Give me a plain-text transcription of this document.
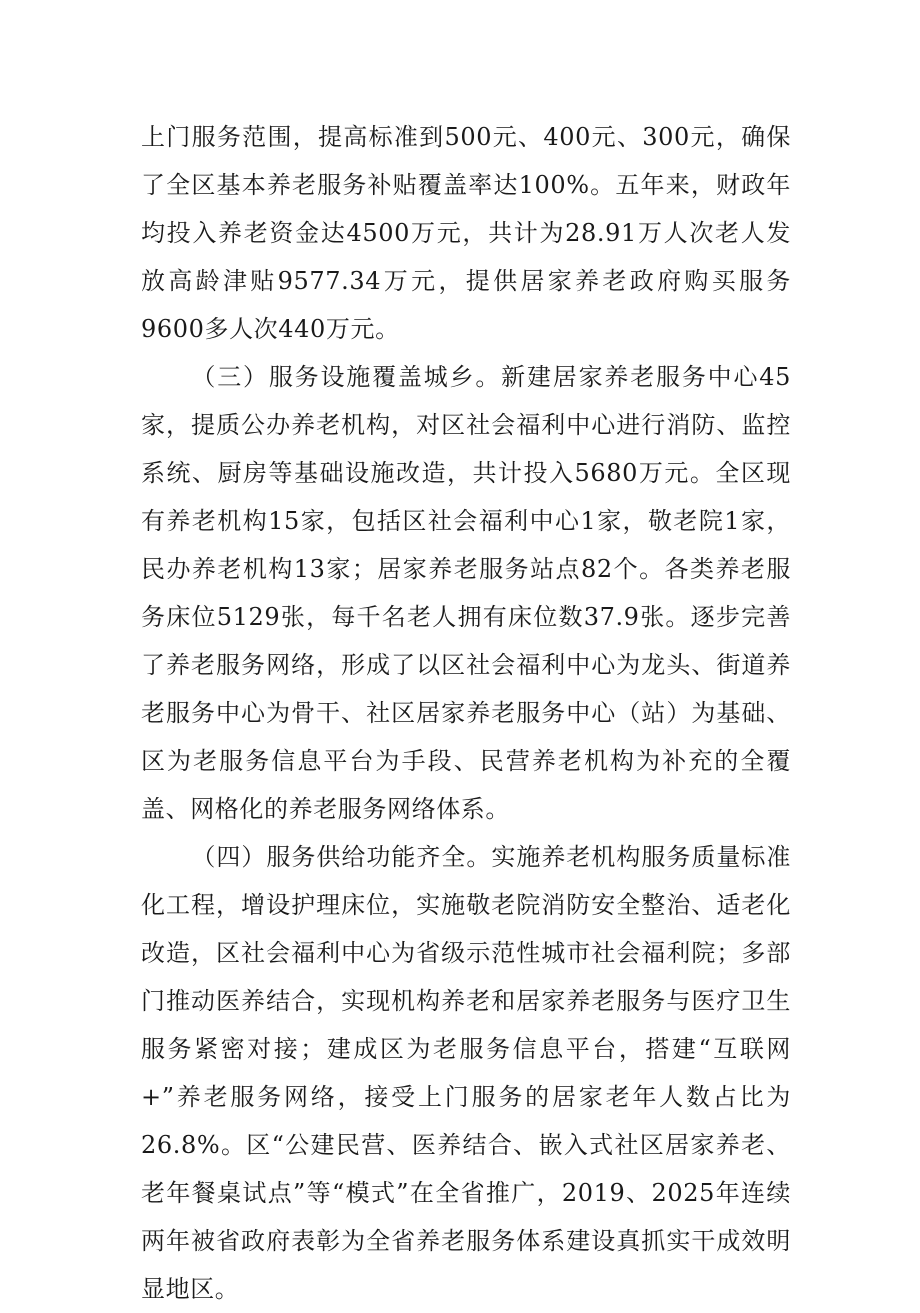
上门服务范围，提高标准到500元、400元、300元，确保了全区基本养老服务补贴覆盖率达100%。五年来，财政年均投入养老资金达4500万元，共计为28.91万人次老人发放高龄津贴9577.34万元，提供居家养老政府购买服务9600多人次440万元。

（三）服务设施覆盖城乡。新建居家养老服务中心45家，提质公办养老机构，对区社会福利中心进行消防、监控系统、厨房等基础设施改造，共计投入5680万元。全区现有养老机构15家，包括区社会福利中心1家，敬老院1家，民办养老机构13家；居家养老服务站点82个。各类养老服务床位5129张，每千名老人拥有床位数37.9张。逐步完善了养老服务网络，形成了以区社会福利中心为龙头、街道养老服务中心为骨干、社区居家养老服务中心（站）为基础、区为老服务信息平台为手段、民营养老机构为补充的全覆盖、网格化的养老服务网络体系。

（四）服务供给功能齐全。实施养老机构服务质量标准化工程，增设护理床位，实施敬老院消防安全整治、适老化改造，区社会福利中心为省级示范性城市社会福利院；多部门推动医养结合，实现机构养老和居家养老服务与医疗卫生服务紧密对接；建成区为老服务信息平台，搭建“互联网+”养老服务网络，接受上门服务的居家老年人数占比为26.8%。区“公建民营、医养结合、嵌入式社区居家养老、老年餐桌试点”等“模式”在全省推广，2019、2025年连续两年被省政府表彰为全省养老服务体系建设真抓实干成效明显地区。
